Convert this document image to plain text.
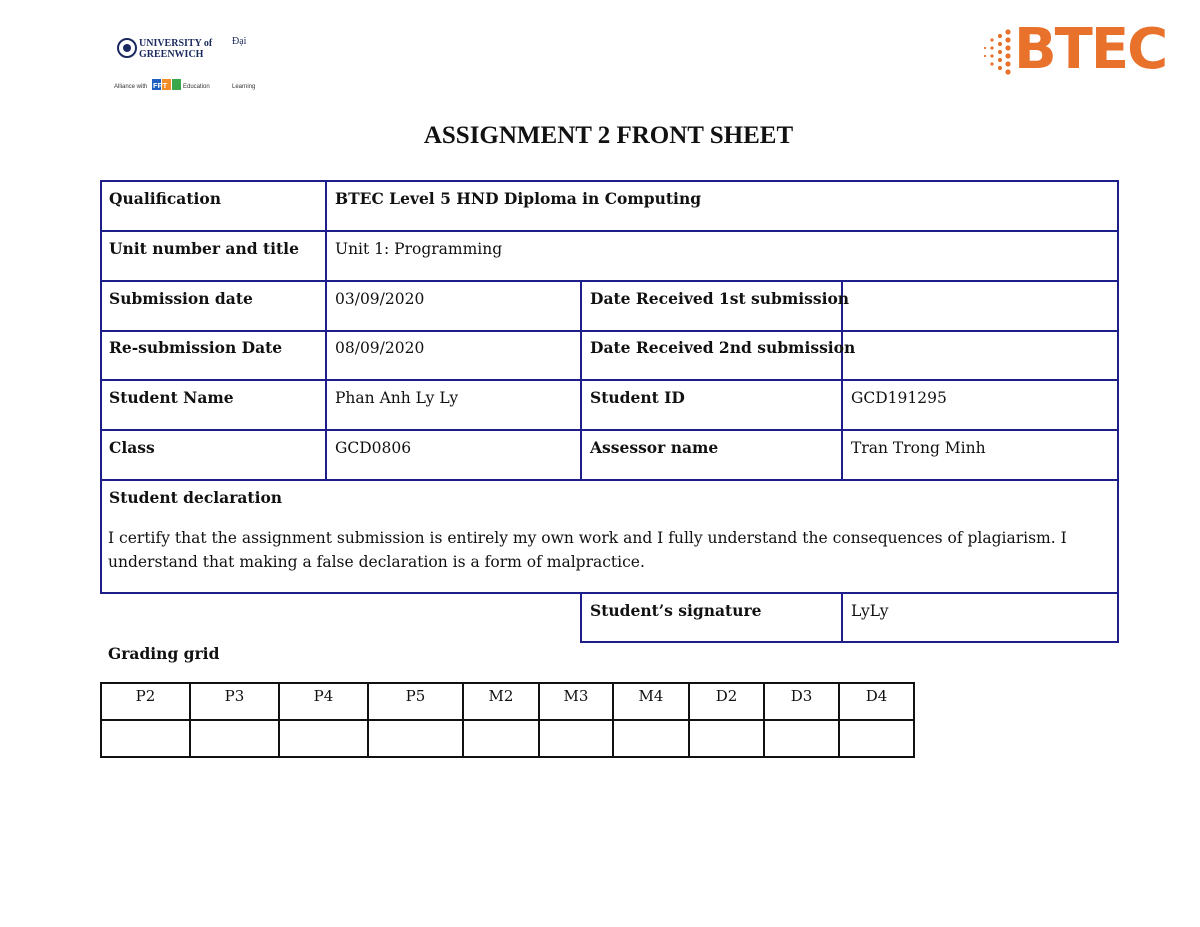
UNIVERSITY of
GREENWICH
Đại
Alliance with FPT	Education	Learning
BTEC
ASSIGNMENT 2 FRONT SHEET
Qualification	BTEC Level 5 HND Diploma in Computing
Unit number and title	Unit 1: Programming
Submission date	03/09/2020	Date Received 1st submission
Re-submission Date	08/09/2020	Date Received 2nd submission
Student Name	Phan Anh Ly Ly	Student ID	GCD191295
Class	GCD0806	Assessor name	Tran Trong Minh
Student declaration
I certify that the assignment submission is entirely my own work and I fully understand the consequences of plagiarism. I understand that making a false declaration is a form of malpractice.
Student’s signature	LyLy
Grading grid
P2	P3	P4	P5	M2	M3	M4	D2	D3	D4
